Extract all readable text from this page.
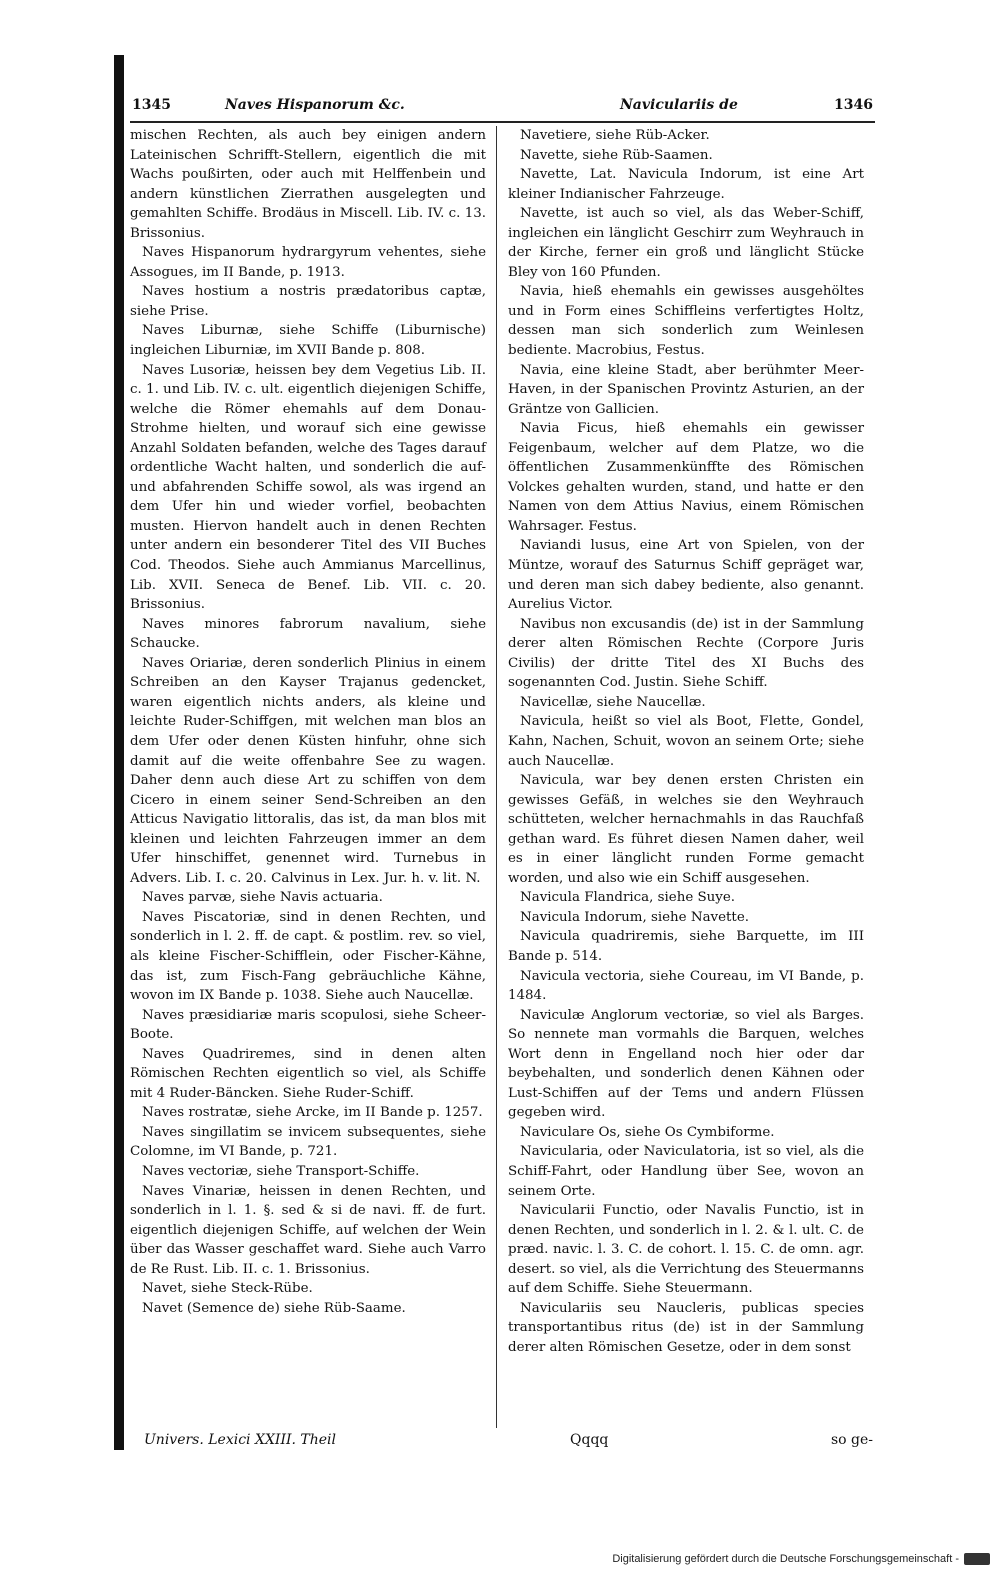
1345	Naves Hispanorum &c.	Naviculariis de	1346

mischen Rechten, als auch bey einigen andern Lateinischen Schrifft-Stellern, eigentlich die mit Wachs poußirten, oder auch mit Helffenbein und andern künstlichen Zierrathen ausgelegten und gemahlten Schiffe. Brodäus in Miscell. Lib. IV. c. 13. Brissonius.

Naves Hispanorum hydrargyrum vehentes, siehe Assogues, im II Bande, p. 1913.

Naves hostium a nostris prædatoribus captæ, siehe Prise.

Naves Liburnæ, siehe Schiffe (Liburnische) ingleichen Liburniæ, im XVII Bande p. 808.

Naves Lusoriæ, heissen bey dem Vegetius Lib. II. c. 1. und Lib. IV. c. ult. eigentlich diejenigen Schiffe, welche die Römer ehemahls auf dem Donau-Strohme hielten, und worauf sich eine gewisse Anzahl Soldaten befanden, welche des Tages darauf ordentliche Wacht halten, und sonderlich die auf- und abfahrenden Schiffe sowol, als was irgend an dem Ufer hin und wieder vorfiel, beobachten musten. Hiervon handelt auch in denen Rechten unter andern ein besonderer Titel des VII Buches Cod. Theodos. Siehe auch Ammianus Marcellinus, Lib. XVII. Seneca de Benef. Lib. VII. c. 20. Brissonius.

Naves minores fabrorum navalium, siehe Schaucke.

Naves Oriariæ, deren sonderlich Plinius in einem Schreiben an den Kayser Trajanus gedencket, waren eigentlich nichts anders, als kleine und leichte Ruder-Schiffgen, mit welchen man blos an dem Ufer oder denen Küsten hinfuhr, ohne sich damit auf die weite offenbahre See zu wagen. Daher denn auch diese Art zu schiffen von dem Cicero in einem seiner Send-Schreiben an den Atticus Navigatio littoralis, das ist, da man blos mit kleinen und leichten Fahrzeugen immer an dem Ufer hinschiffet, genennet wird. Turnebus in Advers. Lib. I. c. 20. Calvinus in Lex. Jur. h. v. lit. N.

Naves parvæ, siehe Navis actuaria.

Naves Piscatoriæ, sind in denen Rechten, und sonderlich in l. 2. ff. de capt. & postlim. rev. so viel, als kleine Fischer-Schifflein, oder Fischer-Kähne, das ist, zum Fisch-Fang gebräuchliche Kähne, wovon im IX Bande p. 1038. Siehe auch Naucellæ.

Naves præsidiariæ maris scopulosi, siehe Scheer-Boote.

Naves Quadriremes, sind in denen alten Römischen Rechten eigentlich so viel, als Schiffe mit 4 Ruder-Bäncken. Siehe Ruder-Schiff.

Naves rostratæ, siehe Arcke, im II Bande p. 1257.

Naves singillatim se invicem subsequentes, siehe Colomne, im VI Bande, p. 721.

Naves vectoriæ, siehe Transport-Schiffe.

Naves Vinariæ, heissen in denen Rechten, und sonderlich in l. 1. §. sed & si de navi. ff. de furt. eigentlich diejenigen Schiffe, auf welchen der Wein über das Wasser geschaffet ward. Siehe auch Varro de Re Rust. Lib. II. c. 1. Brissonius.

Navet, siehe Steck-Rübe.

Navet (Semence de) siehe Rüb-Saame.

Navetiere, siehe Rüb-Acker.

Navette, siehe Rüb-Saamen.

Navette, Lat. Navicula Indorum, ist eine Art kleiner Indianischer Fahrzeuge.

Navette, ist auch so viel, als das Weber-Schiff, ingleichen ein länglicht Geschirr zum Weyhrauch in der Kirche, ferner ein groß und länglicht Stücke Bley von 160 Pfunden.

Navia, hieß ehemahls ein gewisses ausgehöltes und in Form eines Schiffleins verfertigtes Holtz, dessen man sich sonderlich zum Weinlesen bediente. Macrobius, Festus.

Navia, eine kleine Stadt, aber berühmter Meer-Haven, in der Spanischen Provintz Asturien, an der Gräntze von Gallicien.

Navia Ficus, hieß ehemahls ein gewisser Feigenbaum, welcher auf dem Platze, wo die öffentlichen Zusammenkünffte des Römischen Volckes gehalten wurden, stand, und hatte er den Namen von dem Attius Navius, einem Römischen Wahrsager. Festus.

Naviandi lusus, eine Art von Spielen, von der Müntze, worauf des Saturnus Schiff gepräget war, und deren man sich dabey bediente, also genannt. Aurelius Victor.

Navibus non excusandis (de) ist in der Sammlung derer alten Römischen Rechte (Corpore Juris Civilis) der dritte Titel des XI Buchs des sogenannten Cod. Justin. Siehe Schiff.

Navicellæ, siehe Naucellæ.

Navicula, heißt so viel als Boot, Flette, Gondel, Kahn, Nachen, Schuit, wovon an seinem Orte; siehe auch Naucellæ.

Navicula, war bey denen ersten Christen ein gewisses Gefäß, in welches sie den Weyhrauch schütteten, welcher hernachmahls in das Rauchfaß gethan ward. Es führet diesen Namen daher, weil es in einer länglicht runden Forme gemacht worden, und also wie ein Schiff ausgesehen.

Navicula Flandrica, siehe Suye.

Navicula Indorum, siehe Navette.

Navicula quadriremis, siehe Barquette, im III Bande p. 514.

Navicula vectoria, siehe Coureau, im VI Bande, p. 1484.

Naviculæ Anglorum vectoriæ, so viel als Barges. So nennete man vormahls die Barquen, welches Wort denn in Engelland noch hier oder dar beybehalten, und sonderlich denen Kähnen oder Lust-Schiffen auf der Tems und andern Flüssen gegeben wird.

Naviculare Os, siehe Os Cymbiforme.

Navicularia, oder Naviculatoria, ist so viel, als die Schiff-Fahrt, oder Handlung über See, wovon an seinem Orte.

Navicularii Functio, oder Navalis Functio, ist in denen Rechten, und sonderlich in l. 2. & l. ult. C. de præd. navic. l. 3. C. de cohort. l. 15. C. de omn. agr. desert. so viel, als die Verrichtung des Steuermanns auf dem Schiffe. Siehe Steuermann.

Naviculariis seu Naucleris, publicas species transportantibus ritus (de) ist in der Sammlung derer alten Römischen Gesetze, oder in dem sonst

Univers. Lexici XXIII. Theil	Qqqq	so ge-
Digitalisierung gefördert durch die Deutsche Forschungsgemeinschaft -
